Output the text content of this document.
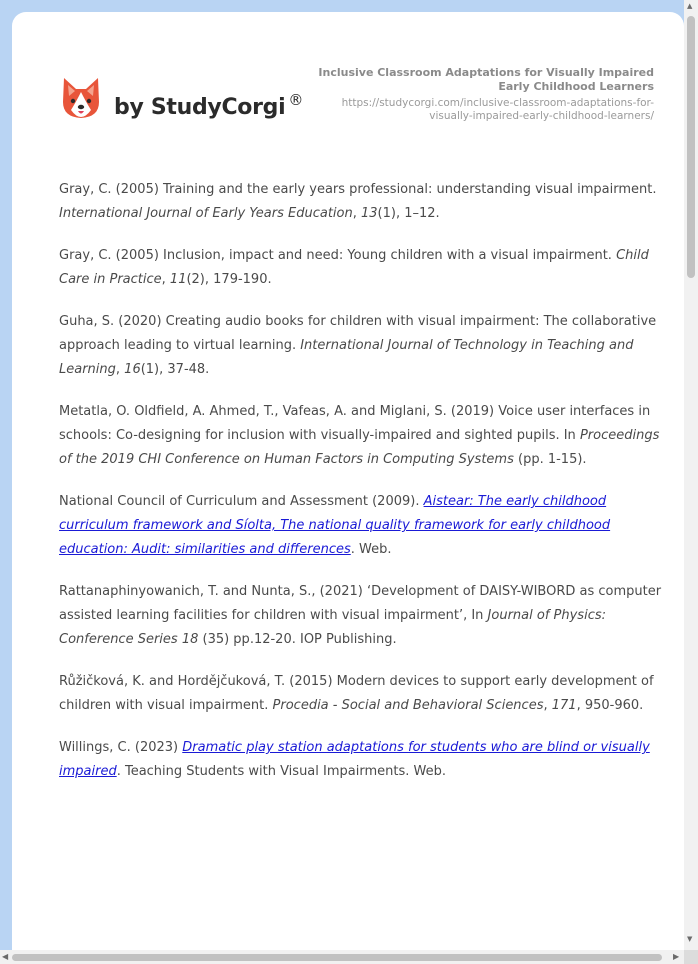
by StudyCorgi ®
Inclusive Classroom Adaptations for Visually Impaired Early Childhood Learners
https://studycorgi.com/inclusive-classroom-adaptations-for-visually-impaired-early-childhood-learners/

Gray, C. (2005) Training and the early years professional: understanding visual impairment. International Journal of Early Years Education, 13(1), 1–12.

Gray, C. (2005) Inclusion, impact and need: Young children with a visual impairment. Child Care in Practice, 11(2), 179-190.

Guha, S. (2020) Creating audio books for children with visual impairment: The collaborative approach leading to virtual learning. International Journal of Technology in Teaching and Learning, 16(1), 37-48.

Metatla, O. Oldfield, A. Ahmed, T., Vafeas, A. and Miglani, S. (2019) Voice user interfaces in schools: Co-designing for inclusion with visually-impaired and sighted pupils. In Proceedings of the 2019 CHI Conference on Human Factors in Computing Systems (pp. 1-15).

National Council of Curriculum and Assessment (2009). Aistear: The early childhood curriculum framework and Síolta, The national quality framework for early childhood education: Audit: similarities and differences. Web.

Rattanaphinyowanich, T. and Nunta, S., (2021) ‘Development of DAISY-WIBORD as computer assisted learning facilities for children with visual impairment’, In Journal of Physics: Conference Series 18 (35) pp.12-20. IOP Publishing.

Růžičková, K. and Hordějčuková, T. (2015) Modern devices to support early development of children with visual impairment. Procedia - Social and Behavioral Sciences, 171, 950-960.

Willings, C. (2023) Dramatic play station adaptations for students who are blind or visually impaired. Teaching Students with Visual Impairments. Web.

▲
▼
◀	▶
